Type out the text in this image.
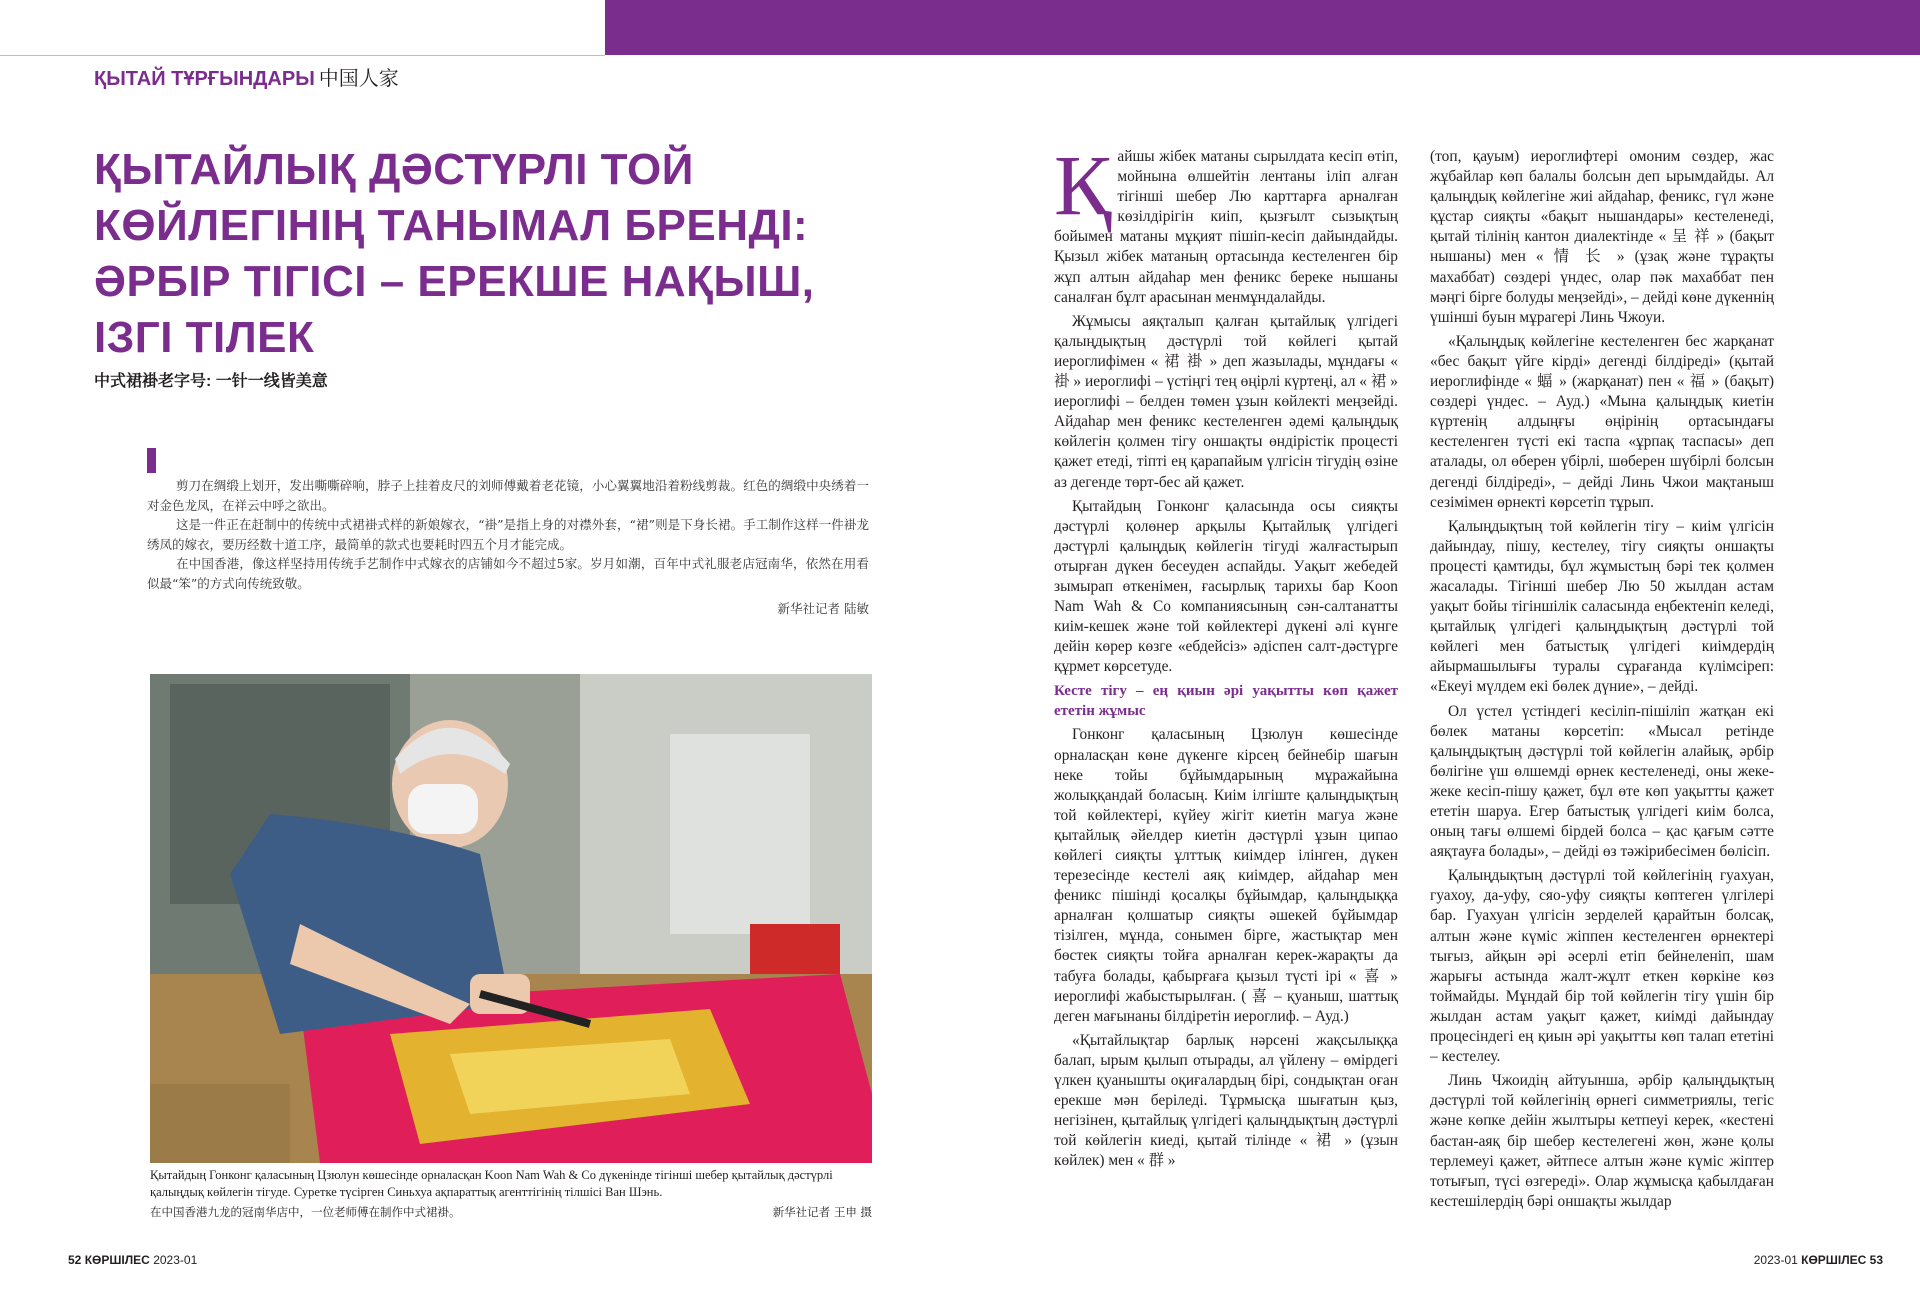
ҚЫТАЙ ТҰРҒЫНДАРЫ 中国人家
ҚЫТАЙЛЫҚ ДӘСТҮРЛІ ТОЙ
КӨЙЛЕГІНІҢ ТАНЫМАЛ БРЕНДІ:
ӘРБІР ТІГІСІ – ЕРЕКШЕ НАҚЫШ,
ІЗГІ ТІЛЕК
中式裙褂老字号: 一针一线皆美意

剪刀在绸缎上划开，发出嘶嘶碎响，脖子上挂着皮尺的刘师傅戴着老花镜，小心翼翼地沿着粉线剪裁。红色的绸缎中央绣着一对金色龙凤，在祥云中呼之欲出。

这是一件正在赶制中的传统中式裙褂式样的新娘嫁衣，“褂”是指上身的对襟外套，“裙”则是下身长裙。手工制作这样一件褂龙绣凤的嫁衣，要历经数十道工序，最简单的款式也要耗时四五个月才能完成。

在中国香港，像这样坚持用传统手艺制作中式嫁衣的店铺如今不超过5家。岁月如潮，百年中式礼服老店冠南华，依然在用看似最“笨”的方式向传统致敬。

新华社记者 陆敏

Қытайдың Гонконг қаласының Цзюлун көшесінде орналасқан Koon Nam Wah & Co дүкенінде тігінші шебер қытайлық дәстүрлі қалыңдық көйлегін тігуде. Суретке түсірген Синьхуа ақпараттық агенттігінің тілшісі Ван Шэнь.
在中国香港九龙的冠南华店中，一位老师傅在制作中式裙褂。	新华社记者 王申 摄
52 КӨРШІЛЕС 2023-01	2023-01 КӨРШІЛЕС 53

Қайшы жібек матаны сырылдата кесіп өтіп, мойнына өлшейтін лентаны іліп алған тігінші шебер Лю карттарға арналған көзілдірігін киіп, қызғылт сызықтың бойымен матаны мұқият пішіп-кесіп дайындайды. Қызыл жібек матаның ортасында кестеленген бір жұп алтын айдаһар мен феникс береке нышаны саналған бұлт арасынан менмұндалайды.

Жұмысы аяқталып қалған қытайлық үлгідегі қалыңдықтың дәстүрлі той көйлегі қытай иероглифімен « 裙 褂 » деп жазылады, мұндағы « 褂 » иероглифі – үстіңгі тең өңірлі күртеңі, ал « 裙 » иероглифі – белден төмен ұзын көйлекті меңзейді. Айдаһар мен феникс кестеленген әдемі қалыңдық көйлегін қолмен тігу оншақты өндірістік процесті қажет етеді, тіпті ең қарапайым үлгісін тігудің өзіне аз дегенде төрт-бес ай қажет.

Қытайдың Гонконг қаласында осы сияқты дәстүрлі қолөнер арқылы Қытайлық үлгідегі дәстүрлі қалыңдық көйлегін тігуді жалғастырып отырған дүкен бесеуден аспайды. Уақыт жебедей зымырап өткенімен, ғасырлық тарихы бар Koon Nam Wah & Co компаниясының сән-салтанатты киім-кешек және той көйлектері дүкені әлі күнге дейін көрер көзге «ебдейсіз» әдіспен салт-дәстүрге құрмет көрсетуде.

Кесте тігу – ең қиын әрі уақытты көп қажет ететін жұмыс

Гонконг қаласының Цзюлун көшесінде орналасқан көне дүкенге кірсең бейнебір шағын неке тойы бұйымдарының мұражайына жолыққандай боласың. Киім ілгіште қалыңдықтың той көйлектері, күйеу жігіт киетін магуа және қытайлық әйелдер киетін дәстүрлі ұзын ципао көйлегі сияқты ұлттық киімдер ілінген, дүкен терезесінде кестелі аяқ киімдер, айдаһар мен феникс пішінді қосалқы бұйымдар, қалыңдыққа арналған қолшатыр сияқты әшекей бұйымдар тізілген, мұнда, сонымен бірге, жастықтар мен бөстек сияқты тойға арналған керек-жарақты да табуға болады, қабырғаға қызыл түсті ірі « 喜 » иероглифі жабыстырылған. ( 喜 – қуаныш, шаттық деген мағынаны білдіретін иероглиф. – Ауд.)

«Қытайлықтар барлық нәрсені жақсылыққа балап, ырым қылып отырады, ал үйлену – өмірдегі үлкен қуанышты оқиғалардың бірі, сондықтан оған ерекше мән беріледі. Тұрмысқа шығатын қыз, негізінен, қытайлық үлгідегі қалыңдықтың дәстүрлі той көйлегін киеді, қытай тілінде « 裙 » (ұзын көйлек) мен « 群 »

(топ, қауым) иероглифтері омоним сөздер, жас жұбайлар көп балалы болсын деп ырымдайды. Ал қалыңдық көйлегіне жиі айдаһар, феникс, гүл және құстар сияқты «бақыт нышандары» кестеленеді, қытай тілінің кантон диалектінде « 呈 祥 » (бақыт нышаны) мен « 情 长 » (ұзақ және тұрақты махаббат) сөздері үндес, олар пәк махаббат пен мәңгі бірге болуды меңзейді», – дейді көне дүкеннің үшінші буын мұрагері Линь Чжоуи.

«Қалыңдық көйлегіне кестеленген бес жарқанат «бес бақыт үйге кірді» дегенді білдіреді» (қытай иероглифінде « 蝠 » (жарқанат) пен « 福 » (бақыт) сөздері үндес. – Ауд.) «Мына қалыңдық киетін күртенің алдыңғы өңірінің ортасындағы кестеленген түсті екі таспа «ұрпақ таспасы» деп аталады, ол өберен үбірлі, шөберен шүбірлі болсын дегенді білдіреді», – дейді Линь Чжои мақтаныш сезімімен өрнекті көрсетіп тұрып.

Қалыңдықтың той көйлегін тігу – киім үлгісін дайындау, пішу, кестелеу, тігу сияқты оншақты процесті қамтиды, бұл жұмыстың бәрі тек қолмен жасалады. Тігінші шебер Лю 50 жылдан астам уақыт бойы тігіншілік саласында еңбектеніп келеді, қытайлық үлгідегі қалыңдықтың дәстүрлі той көйлегі мен батыстық үлгідегі киімдердің айырмашылығы туралы сұрағанда күлімсіреп: «Екеуі мүлдем екі бөлек дүние», – дейді.

Ол үстел үстіндегі кесіліп-пішіліп жатқан екі бөлек матаны көрсетіп: «Мысал ретінде қалыңдықтың дәстүрлі той көйлегін алайық, әрбір бөлігіне үш өлшемді өрнек кестеленеді, оны жеке-жеке кесіп-пішу қажет, бұл өте көп уақытты қажет ететін шаруа. Егер батыстық үлгідегі киім болса, оның тағы өлшемі бірдей болса – қас қағым сәтте аяқтауға болады», – дейді өз тәжірибесімен бөлісіп.

Қалыңдықтың дәстүрлі той көйлегінің гуахуан, гуахоу, да-уфу, сяо-уфу сияқты көптеген үлгілері бар. Гуахуан үлгісін зерделей қарайтын болсақ, алтын және күміс жіппен кестеленген өрнектері тығыз, айқын әрі әсерлі етіп бейнеленіп, шам жарығы астында жалт-жұлт еткен көркіне көз тоймайды. Мұндай бір той көйлегін тігу үшін бір жылдан астам уақыт қажет, киімді дайындау процесіндегі ең қиын әрі уақытты көп талап ететіні – кестелеу.

Линь Чжоидің айтуынша, әрбір қалыңдықтың дәстүрлі той көйлегінің өрнегі симметриялы, тегіс және көпке дейін жылтыры кетпеуі керек, «кестені бастан-аяқ бір шебер кестелегені жөн, және қолы терлемеуі қажет, әйтпесе алтын және күміс жіптер тотығып, түсі өзгереді». Олар жұмысқа қабылдаған кестешілердің бәрі оншақты жылдар
